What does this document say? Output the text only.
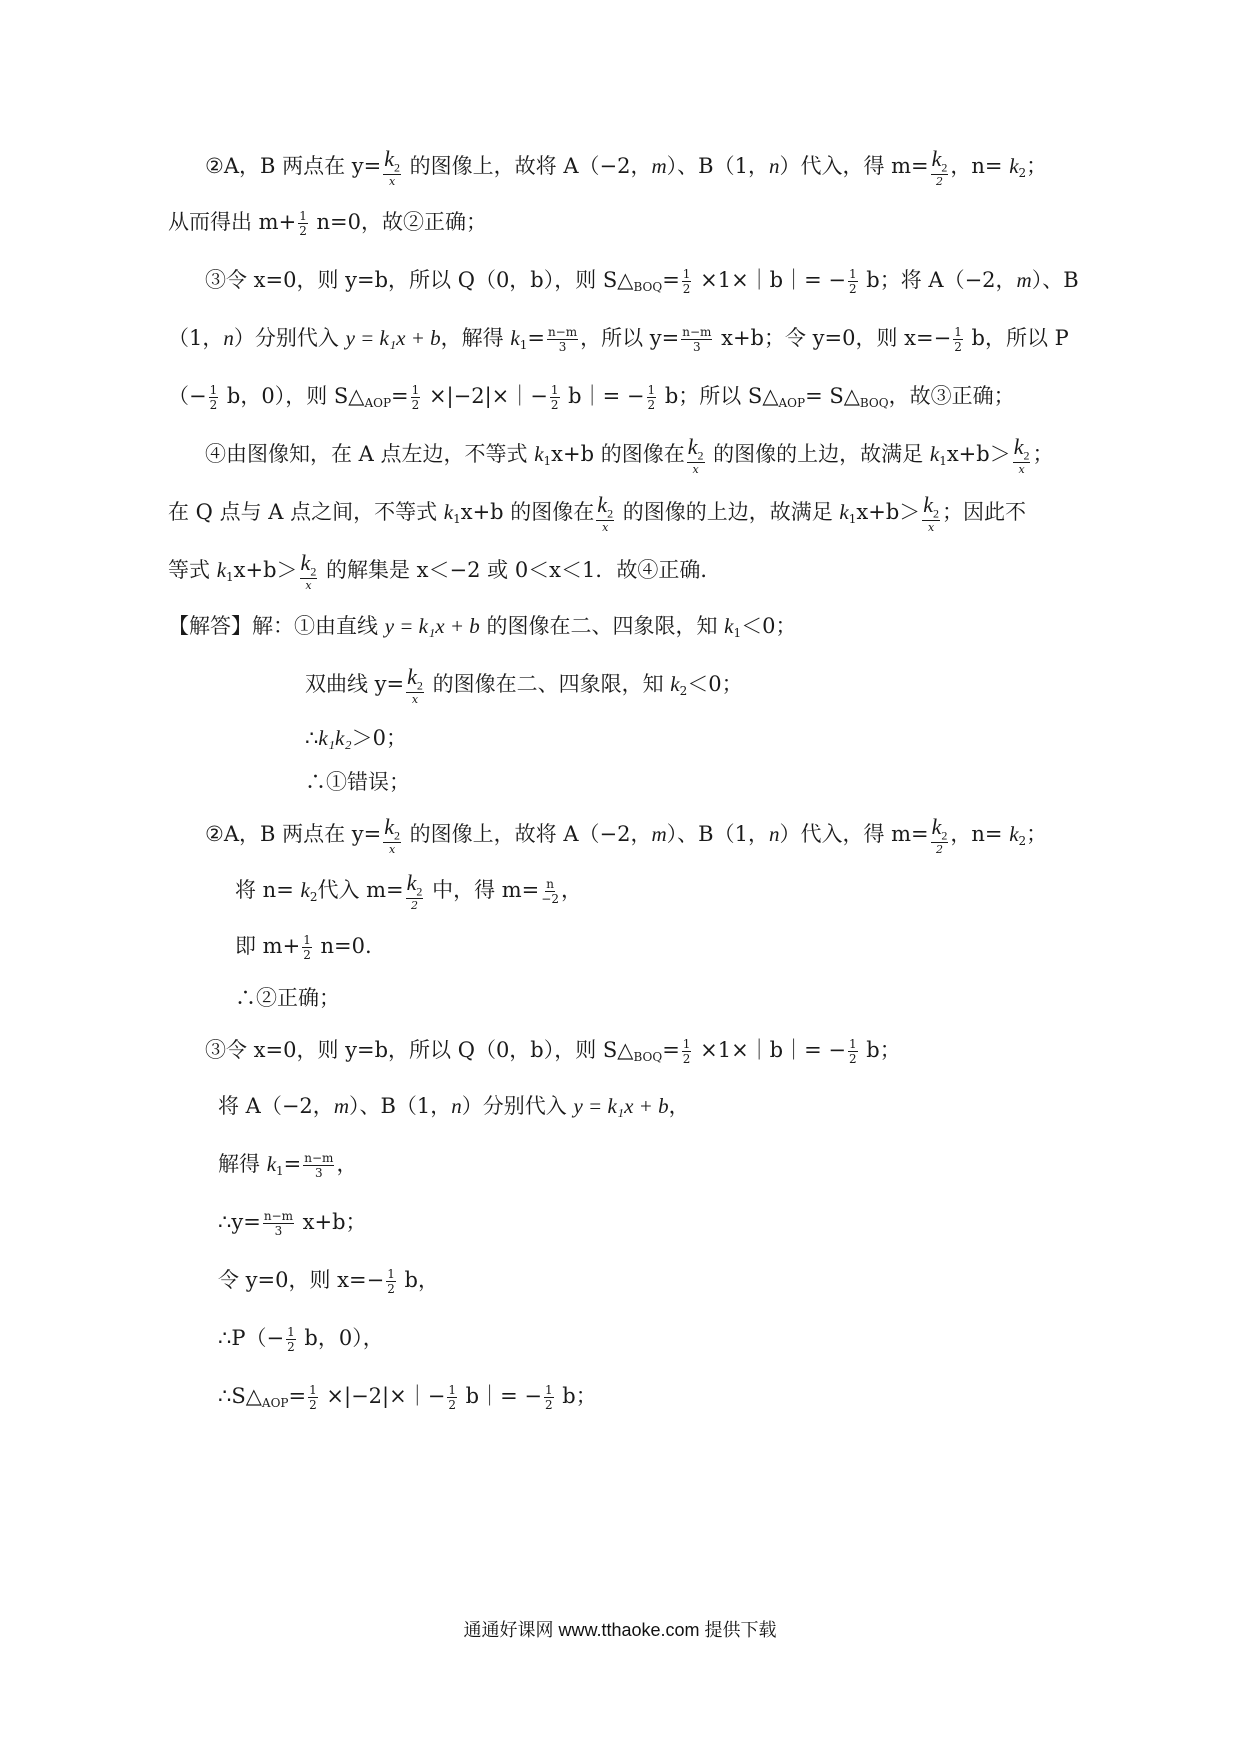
②A，B 两点在 $y= \frac{k_2}{x}$ 的图像上，故将 A（−2，m）、B（1，n）代入，得 $m= \frac{k_2}{2}$ ，$n= k_2$；
从而得出 $m+ \frac{1}{2} n=0$，故②正确；
③令 x=0，则 y=b，所以 Q（0，b），则 $S\triangle_{BOQ}= \frac{1}{2}$ ×1×｜b｜= − $\frac{1}{2}$ b；将 A（−2，m）、B
（1，n）分别代入 y = k₁x + b，解得 $k_1= \frac{n-m}{3}$ ，所以 $y= \frac{n-m}{3} x+b$；令 y=0，则 $x=- \frac{1}{2}$ b，所以 P
（− $\frac{1}{2}$ b，0），则 $S\triangle_{AOP}= \frac{1}{2}$ ×|−2|×｜− $\frac{1}{2}$ b｜= − $\frac{1}{2}$ b；所以 $S\triangle_{AOP}=$ $S\triangle_{BOQ}$，故③正确；
④由图像知，在 A 点左边，不等式 $k_1x+b$ 的图像在 $\frac{k_2}{x}$ 的图像的上边，故满足 $k_1x+b> \frac{k_2}{x}$ ；
在 Q 点与 A 点之间，不等式 $k_1x+b$ 的图像在 $\frac{k_2}{x}$ 的图像的上边，故满足 $k_1x+b> \frac{k_2}{x}$ ；因此不
等式 $k_1x+b> \frac{k_2}{x}$ 的解集是 x＜−2 或 0＜x＜1．故④正确．
【解答】解：①由直线 y = k₁x + b 的图像在二、四象限，知 $k_1<0$；
双曲线 $y= \frac{k_2}{x}$ 的图像在二、四象限，知 $k_2<0$；
∴k₁k₂＞0；
∴①错误；
②A，B 两点在 $y= \frac{k_2}{x}$ 的图像上，故将 A（−2，m）、B（1，n）代入，得 $m= \frac{k_2}{2}$ ，$n= k_2$；
将 $n= k_2$代入 $m= \frac{k_2}{2}$ 中，得 $m= \frac{n}{-2}$ ，
即 $m+ \frac{1}{2} n=0$.
∴②正确；
③令 x=0，则 y=b，所以 Q（0，b），则 $S\triangle_{BOQ}= \frac{1}{2}$ ×1×｜b｜= − $\frac{1}{2}$ b；
将 A（−2，m）、B（1，n）分别代入 y = k₁x + b，
解得 $k_1= \frac{n-m}{3}$ ，
∴y= $\frac{n-m}{3} x+b$；
令 y=0，则 $x=- \frac{1}{2}$ b，
∴P（− $\frac{1}{2}$ b，0），
$\therefore S\triangle_{AOP}= \frac{1}{2}$ ×|−2|×｜− $\frac{1}{2}$ b｜= − $\frac{1}{2}$ b；
通通好课网 www.tthaoke.com 提供下载
